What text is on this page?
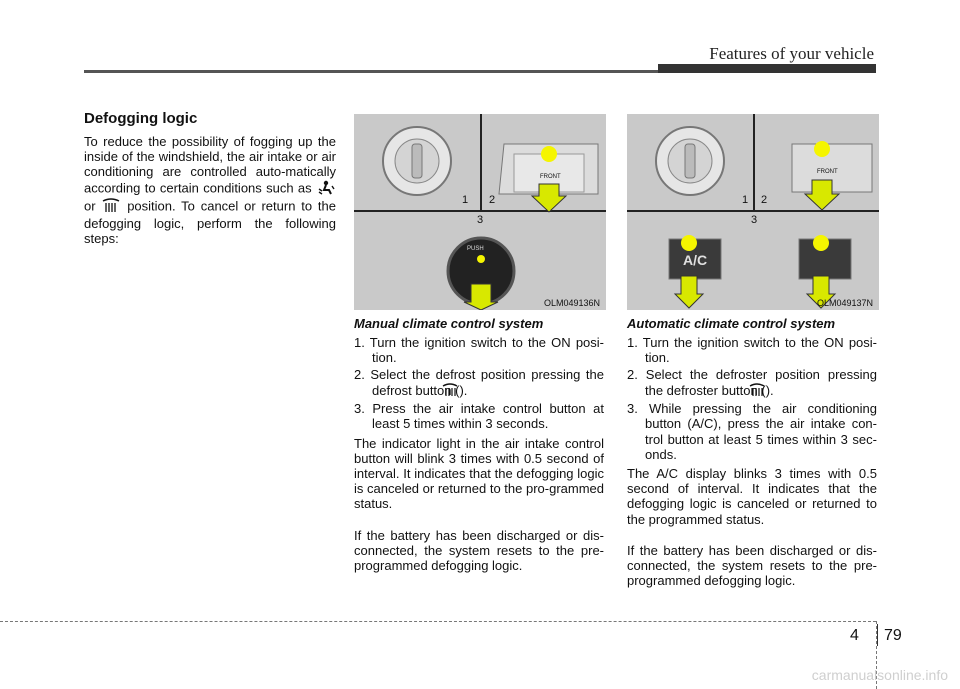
Features of your vehicle
Defogging logic

To reduce the possibility of fogging up the inside of the windshield, the air intake or air conditioning are controlled auto-matically according to certain conditions such as  or position. To cancel or return to the defogging logic, perform the following steps:

1 2
3
PUSH
FRONT
OLM049136N
1 2
3
A/C
FRONT
OLM049137N
Manual climate control system
1. Turn the ignition switch to the ON posi-tion.
2. Select the defrost position pressing the defrost button ().
3. Press the air intake control button at least 5 times within 3 seconds.

The indicator light in the air intake control button will blink 3 times with 0.5 second of interval. It indicates that the defogging logic is canceled or returned to the pro-grammed status.

If the battery has been discharged or dis-connected, the system resets to the pre-programmed defogging logic.

Automatic climate control system
1. Turn the ignition switch to the ON posi-tion.
2. Select the defroster position pressing the defroster button ().
3. While pressing the air conditioning button (A/C), press the air intake con-trol button at least 5 times within 3 sec-onds.

The A/C display blinks 3 times with 0.5 second of interval. It indicates that the defogging logic is canceled or returned to the programmed status.

If the battery has been discharged or dis-connected, the system resets to the pre-programmed defogging logic.

4 79
carmanualsonline.info
